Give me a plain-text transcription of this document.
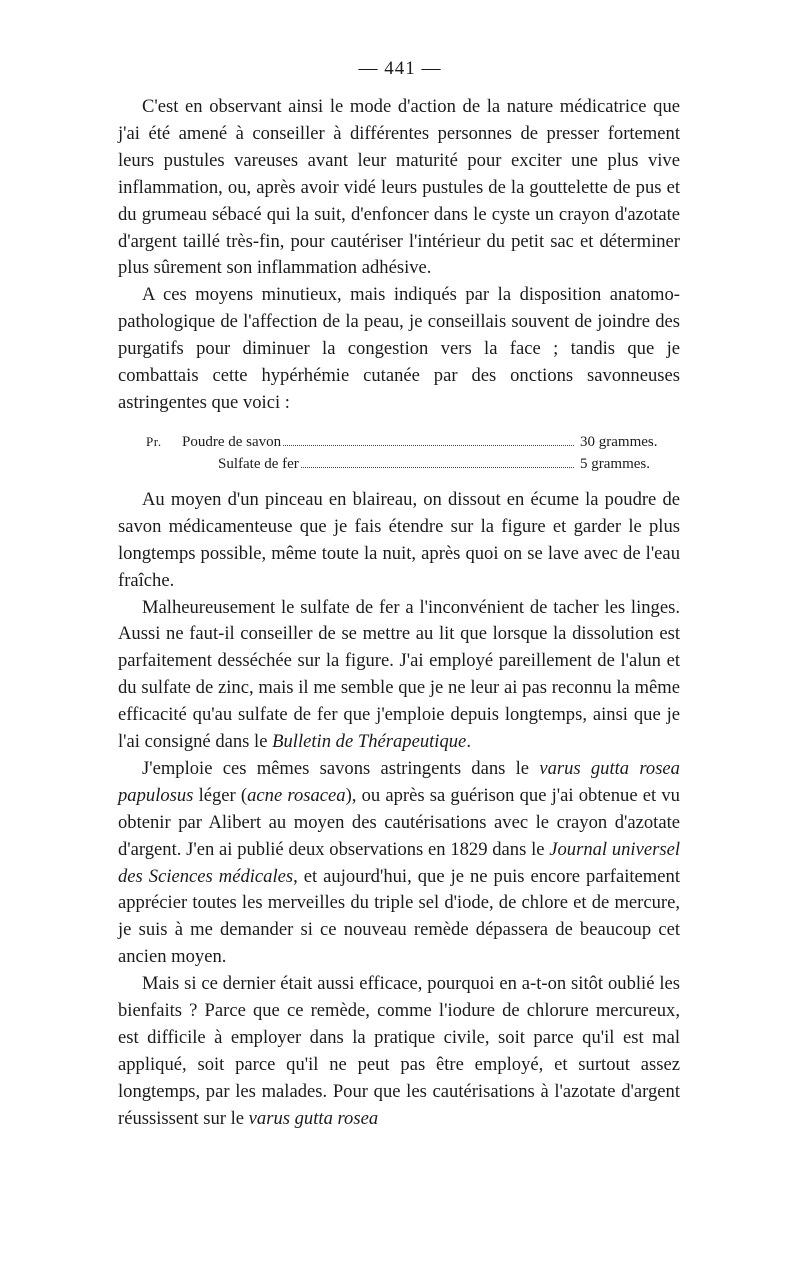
— 441 —

C'est en observant ainsi le mode d'action de la nature médicatrice que j'ai été amené à conseiller à différentes personnes de presser fortement leurs pustules vareuses avant leur maturité pour exciter une plus vive inflammation, ou, après avoir vidé leurs pustules de la gouttelette de pus et du grumeau sébacé qui la suit, d'enfoncer dans le cyste un crayon d'azotate d'argent taillé très-fin, pour cautériser l'intérieur du petit sac et déterminer plus sûrement son inflammation adhésive.

A ces moyens minutieux, mais indiqués par la disposition anatomo-pathologique de l'affection de la peau, je conseillais souvent de joindre des purgatifs pour diminuer la congestion vers la face ; tandis que je combattais cette hypérhémie cutanée par des onctions savonneuses astringentes que voici :

Pr.	Poudre de savon	30 grammes.
Sulfate de fer	5 grammes.

Au moyen d'un pinceau en blaireau, on dissout en écume la poudre de savon médicamenteuse que je fais étendre sur la figure et garder le plus longtemps possible, même toute la nuit, après quoi on se lave avec de l'eau fraîche.

Malheureusement le sulfate de fer a l'inconvénient de tacher les linges. Aussi ne faut-il conseiller de se mettre au lit que lorsque la dissolution est parfaitement desséchée sur la figure. J'ai employé pareillement de l'alun et du sulfate de zinc, mais il me semble que je ne leur ai pas reconnu la même efficacité qu'au sulfate de fer que j'emploie depuis longtemps, ainsi que je l'ai consigné dans le Bulletin de Thérapeutique.

J'emploie ces mêmes savons astringents dans le varus gutta rosea papulosus léger (acne rosacea), ou après sa guérison que j'ai obtenue et vu obtenir par Alibert au moyen des cautérisations avec le crayon d'azotate d'argent. J'en ai publié deux observations en 1829 dans le Journal universel des Sciences médicales, et aujourd'hui, que je ne puis encore parfaitement apprécier toutes les merveilles du triple sel d'iode, de chlore et de mercure, je suis à me demander si ce nouveau remède dépassera de beaucoup cet ancien moyen.

Mais si ce dernier était aussi efficace, pourquoi en a-t-on sitôt oublié les bienfaits ? Parce que ce remède, comme l'iodure de chlorure mercureux, est difficile à employer dans la pratique civile, soit parce qu'il est mal appliqué, soit parce qu'il ne peut pas être employé, et surtout assez longtemps, par les malades. Pour que les cautérisations à l'azotate d'argent réussissent sur le varus gutta rosea
